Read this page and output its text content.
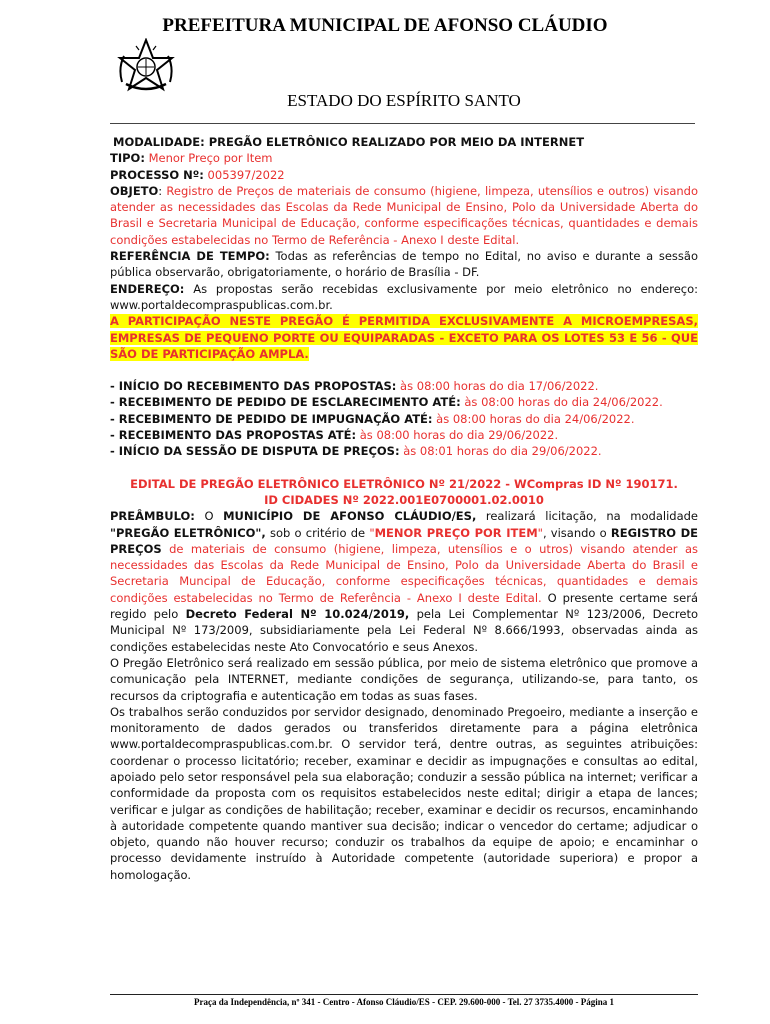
PREFEITURA MUNICIPAL DE AFONSO CLÁUDIO
ESTADO DO ESPÍRITO SANTO

MODALIDADE: PREGÃO ELETRÔNICO REALIZADO POR MEIO DA INTERNET

TIPO: Menor Preço por Item

PROCESSO Nº: 005397/2022

OBJETO: Registro de Preços de materiais de consumo (higiene, limpeza, utensílios e outros) visando atender as necessidades das Escolas da Rede Municipal de Ensino, Polo da Universidade Aberta do Brasil e Secretaria Municipal de Educação, conforme especificações técnicas, quantidades e demais condições estabelecidas no Termo de Referência - Anexo I deste Edital.

REFERÊNCIA DE TEMPO: Todas as referências de tempo no Edital, no aviso e durante a sessão pública observarão, obrigatoriamente, o horário de Brasília - DF.

ENDEREÇO: As propostas serão recebidas exclusivamente por meio eletrônico no endereço: www.portaldecompraspublicas.com.br.

A PARTICIPAÇÃO NESTE PREGÃO É PERMITIDA EXCLUSIVAMENTE A MICROEMPRESAS, EMPRESAS DE PEQUENO PORTE OU EQUIPARADAS - EXCETO PARA OS LOTES 53 E 56 - QUE SÃO DE PARTICIPAÇÃO AMPLA.

- INÍCIO DO RECEBIMENTO DAS PROPOSTAS: às 08:00 horas do dia 17/06/2022.

- RECEBIMENTO DE PEDIDO DE ESCLARECIMENTO ATÉ: às 08:00 horas do dia 24/06/2022.

- RECEBIMENTO DE PEDIDO DE IMPUGNAÇÃO ATÉ: às 08:00 horas do dia 24/06/2022.

- RECEBIMENTO DAS PROPOSTAS ATÉ: às 08:00 horas do dia 29/06/2022.

- INÍCIO DA SESSÃO DE DISPUTA DE PREÇOS: às 08:01 horas do dia 29/06/2022.

EDITAL DE PREGÃO ELETRÔNICO ELETRÔNICO Nº 21/2022 - WCompras ID Nº 190171.

ID CIDADES Nº 2022.001E0700001.02.0010

PREÂMBULO: O MUNICÍPIO DE AFONSO CLÁUDIO/ES, realizará licitação, na modalidade "PREGÃO ELETRÔNICO", sob o critério de "MENOR PREÇO POR ITEM", visando o REGISTRO DE PREÇOS de materiais de consumo (higiene, limpeza, utensílios e o utros) visando atender as necessidades das Escolas da Rede Municipal de Ensino, Polo da Universidade Aberta do Brasil e Secretaria Muncipal de Educação, conforme especificações técnicas, quantidades e demais condições estabelecidas no Termo de Referência - Anexo I deste Edital. O presente certame será regido pelo Decreto Federal Nº 10.024/2019, pela Lei Complementar Nº 123/2006, Decreto Municipal Nº 173/2009, subsidiariamente pela Lei Federal Nº 8.666/1993, observadas ainda as condições estabelecidas neste Ato Convocatório e seus Anexos.

O Pregão Eletrônico será realizado em sessão pública, por meio de sistema eletrônico que promove a comunicação pela INTERNET, mediante condições de segurança, utilizando-se, para tanto, os recursos da criptografia e autenticação em todas as suas fases.

Os trabalhos serão conduzidos por servidor designado, denominado Pregoeiro, mediante a inserção e monitoramento de dados gerados ou transferidos diretamente para a página eletrônica www.portaldecompraspublicas.com.br. O servidor terá, dentre outras, as seguintes atribuições: coordenar o processo licitatório; receber, examinar e decidir as impugnações e consultas ao edital, apoiado pelo setor responsável pela sua elaboração; conduzir a sessão pública na internet; verificar a conformidade da proposta com os requisitos estabelecidos neste edital; dirigir a etapa de lances; verificar e julgar as condições de habilitação; receber, examinar e decidir os recursos, encaminhando à autoridade competente quando mantiver sua decisão; indicar o vencedor do certame; adjudicar o objeto, quando não houver recurso; conduzir os trabalhos da equipe de apoio; e encaminhar o processo devidamente instruído à Autoridade competente (autoridade superiora) e propor a homologação.

Praça da Independência, nº 341 - Centro - Afonso Cláudio/ES - CEP. 29.600-000 - Tel. 27 3735.4000 - Página 1
